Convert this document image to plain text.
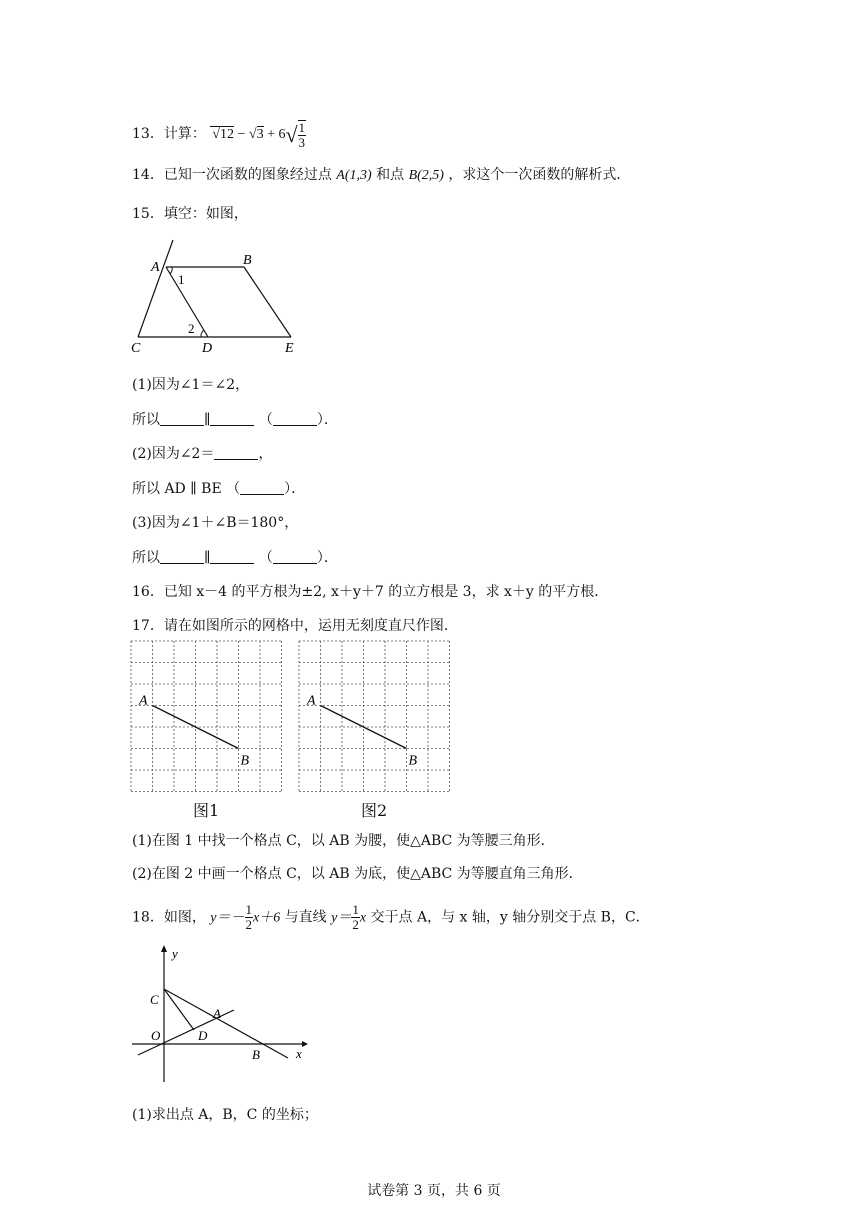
13．计算： $√12 - √3 + 6√ \frac{1}{3}$
14．已知一次函数的图象经过点 A(1,3) 和点 B(2,5) ，求这个一次函数的解析式．
15．填空：如图，
A	B
C	D	E
1
2
(1)因为∠1＝∠2，
所以	∥	（	）．
(2)因为∠2＝	，
所以 AD ∥ BE （	）．
(3)因为∠1＋∠B＝180°，
所以	∥	（	）．
16．已知 x－4 的平方根为±2, x＋y＋7 的立方根是 3，求 x＋y 的平方根．
17．请在如图所示的网格中，运用无刻度直尺作图．
A
B
A
B
图1	图2
(1)在图 1 中找一个格点 C，以 AB 为腰，使△ABC 为等腰三角形．
(2)在图 2 中画一个格点 C，以 AB 为底，使△ABC 为等腰直角三角形．
18．如图， $y=- \frac{1}{2} x+6$ 与直线 $y= \frac{1}{2}$ x 交于点 A，与 x 轴，y 轴分别交于点 B，C．
y
x
C
A
O	D
B
(1)求出点 A，B，C 的坐标；
试卷第 3 页，共 6 页
